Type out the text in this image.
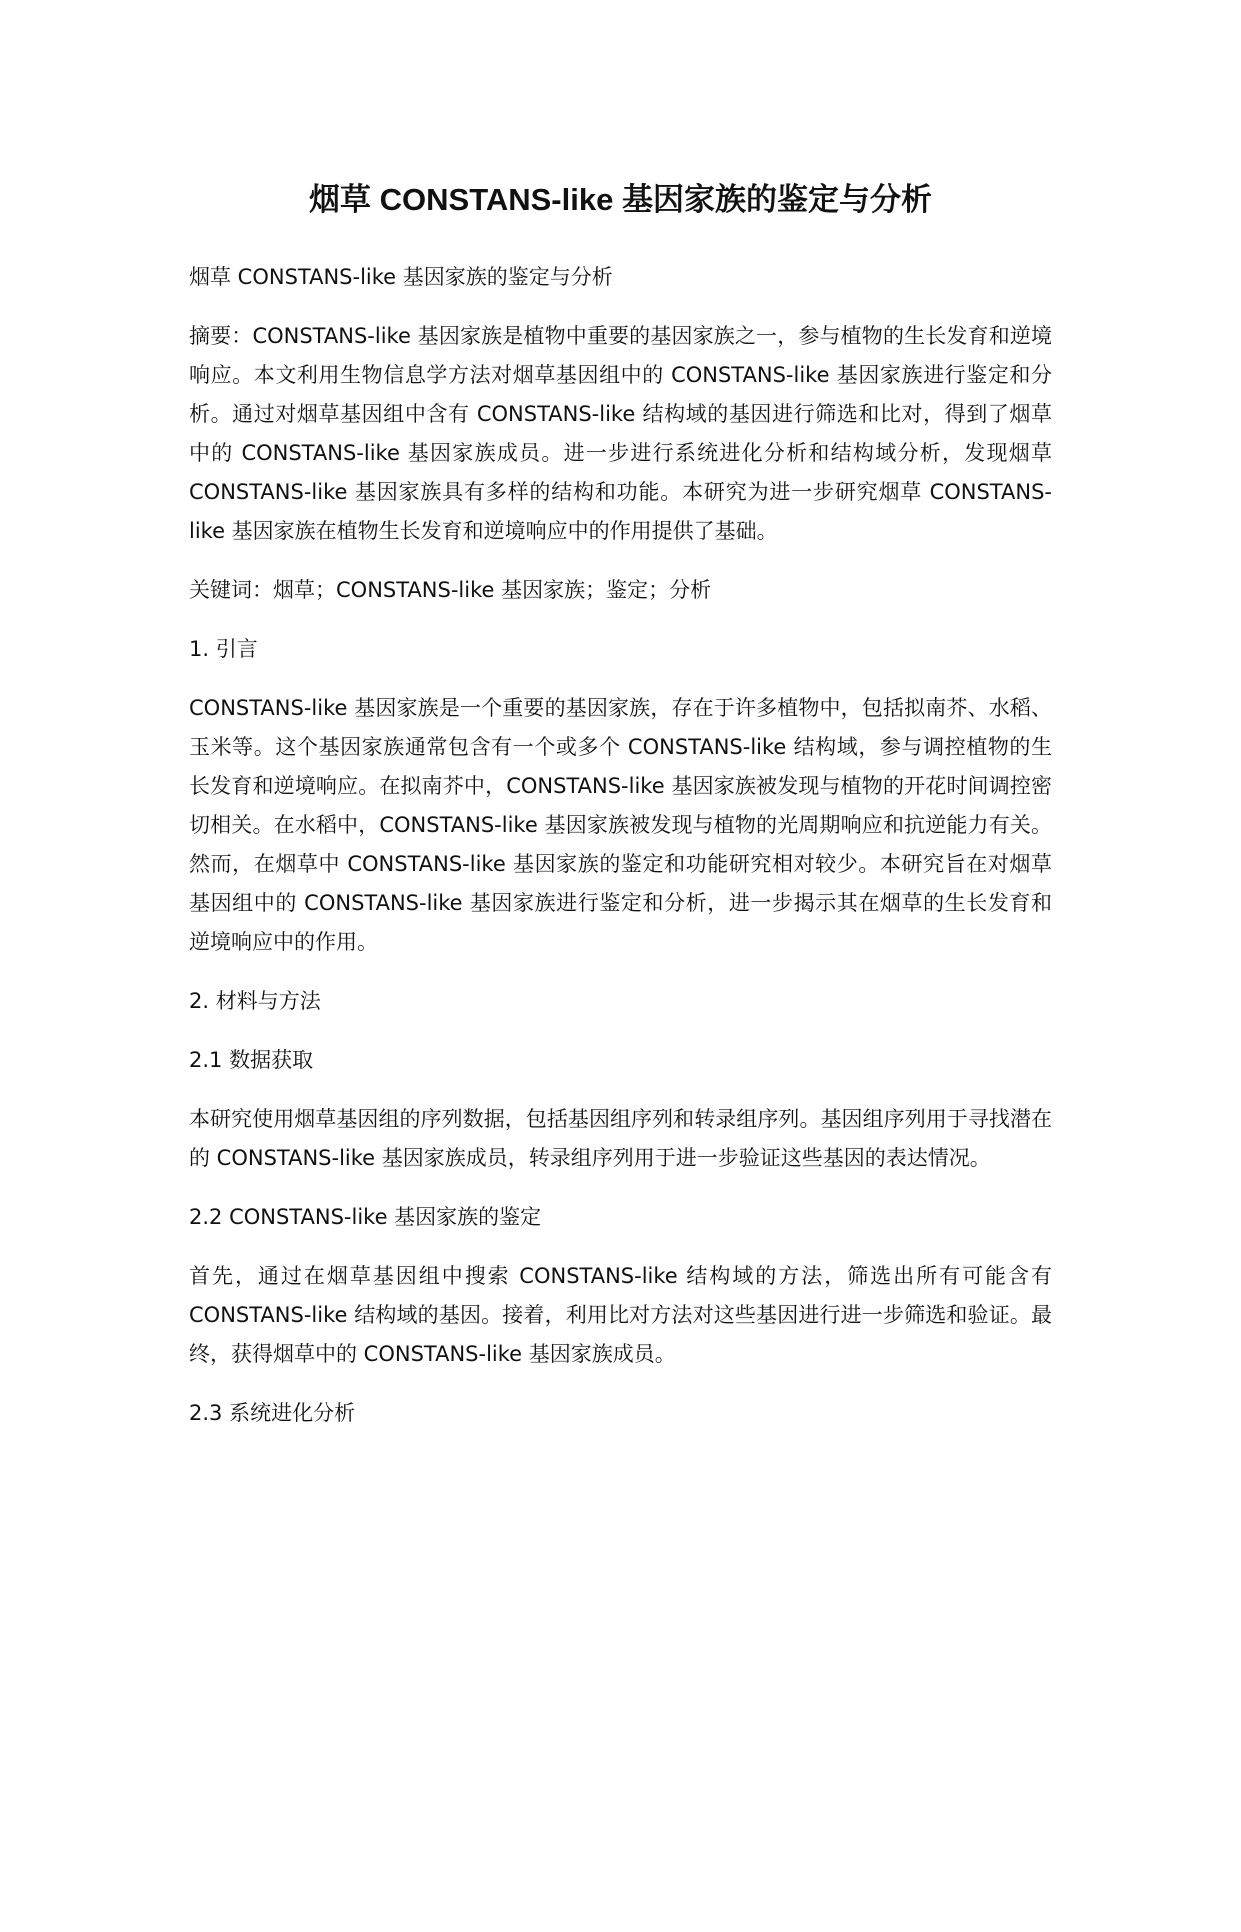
烟草 CONSTANS-like 基因家族的鉴定与分析

烟草 CONSTANS-like 基因家族的鉴定与分析

摘要：CONSTANS-like 基因家族是植物中重要的基因家族之一，参与植物的生长发育和逆境响应。本文利用生物信息学方法对烟草基因组中的 CONSTANS-like 基因家族进行鉴定和分析。通过对烟草基因组中含有 CONSTANS-like 结构域的基因进行筛选和比对，得到了烟草中的 CONSTANS-like 基因家族成员。进一步进行系统进化分析和结构域分析，发现烟草 CONSTANS-like 基因家族具有多样的结构和功能。本研究为进一步研究烟草 CONSTANS-like 基因家族在植物生长发育和逆境响应中的作用提供了基础。

关键词：烟草；CONSTANS-like 基因家族；鉴定；分析

1. 引言

CONSTANS-like 基因家族是一个重要的基因家族，存在于许多植物中，包括拟南芥、水稻、玉米等。这个基因家族通常包含有一个或多个 CONSTANS-like 结构域，参与调控植物的生长发育和逆境响应。在拟南芥中，CONSTANS-like 基因家族被发现与植物的开花时间调控密切相关。在水稻中，CONSTANS-like 基因家族被发现与植物的光周期响应和抗逆能力有关。然而，在烟草中 CONSTANS-like 基因家族的鉴定和功能研究相对较少。本研究旨在对烟草基因组中的 CONSTANS-like 基因家族进行鉴定和分析，进一步揭示其在烟草的生长发育和逆境响应中的作用。

2. 材料与方法

2.1 数据获取

本研究使用烟草基因组的序列数据，包括基因组序列和转录组序列。基因组序列用于寻找潜在的 CONSTANS-like 基因家族成员，转录组序列用于进一步验证这些基因的表达情况。

2.2 CONSTANS-like 基因家族的鉴定

首先，通过在烟草基因组中搜索 CONSTANS-like 结构域的方法，筛选出所有可能含有 CONSTANS-like 结构域的基因。接着，利用比对方法对这些基因进行进一步筛选和验证。最终，获得烟草中的 CONSTANS-like 基因家族成员。

2.3 系统进化分析
